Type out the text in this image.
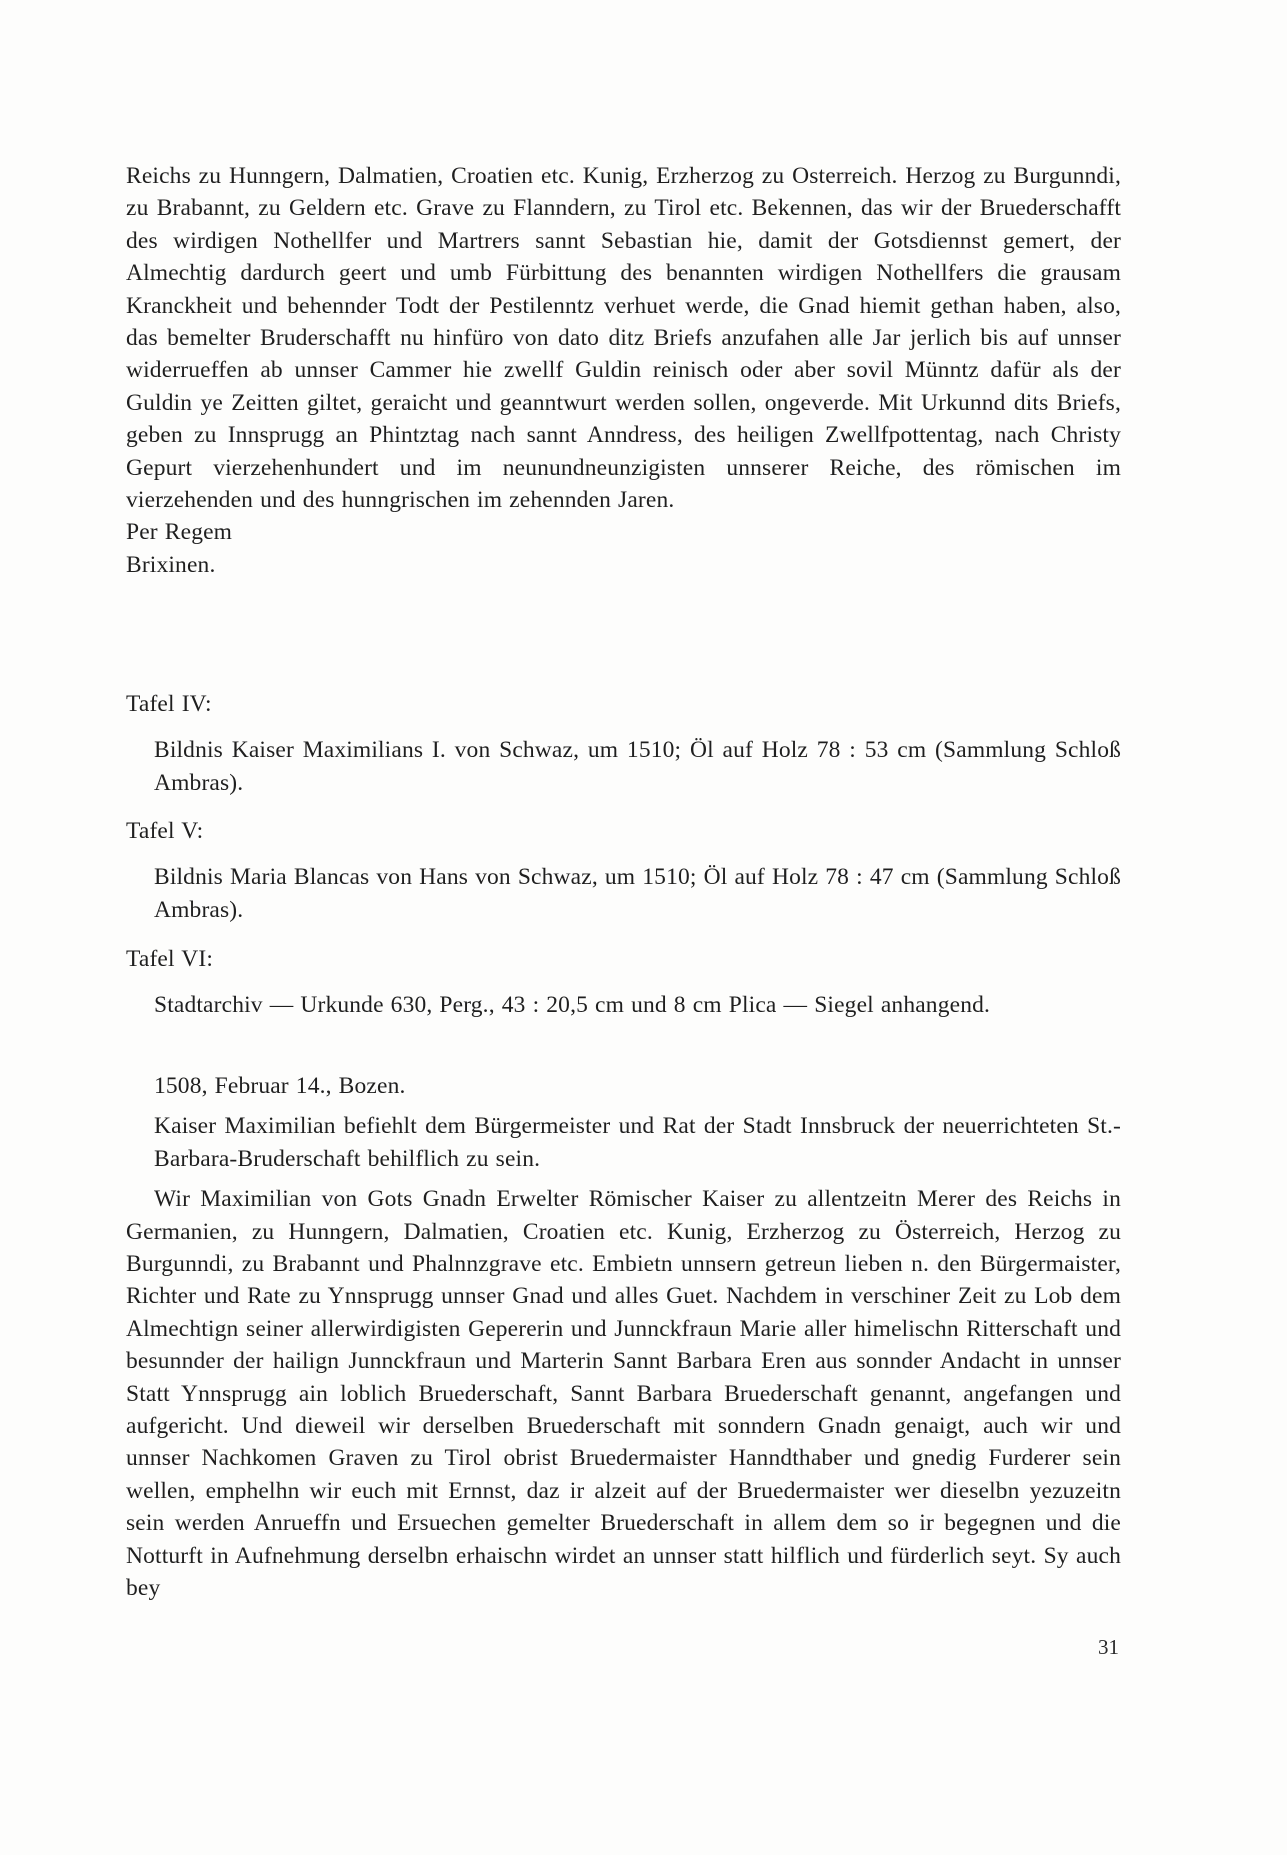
Reichs zu Hunngern, Dalmatien, Croatien etc. Kunig, Erzherzog zu Osterreich. Herzog zu Burgunndi, zu Brabannt, zu Geldern etc. Grave zu Flanndern, zu Tirol etc. Bekennen, das wir der Bruederschafft des wirdigen Nothellfer und Martrers sannt Sebastian hie, damit der Gotsdiennst gemert, der Almechtig dardurch geert und umb Fürbittung des benannten wirdigen Nothellfers die grausam Kranckheit und behennder Todt der Pestilenntz verhuet werde, die Gnad hiemit gethan haben, also, das bemelter Bruderschafft nu hinfüro von dato ditz Briefs anzufahen alle Jar jerlich bis auf unnser widerrueffen ab unnser Cammer hie zwellf Guldin reinisch oder aber sovil Münntz dafür als der Guldin ye Zeitten giltet, geraicht und geanntwurt werden sollen, ongeverde. Mit Urkunnd dits Briefs, geben zu Innsprugg an Phintztag nach sannt Anndress, des heiligen Zwellfpottentag, nach Christy Gepurt vierzehenhundert und im neunundneunzigisten unnserer Reiche, des römischen im vierzehenden und des hunngrischen im zehennden Jaren.

Per Regem

Brixinen.

Tafel IV:

Bildnis Kaiser Maximilians I. von Schwaz, um 1510; Öl auf Holz 78 : 53 cm (Sammlung Schloß Ambras).

Tafel V:

Bildnis Maria Blancas von Hans von Schwaz, um 1510; Öl auf Holz 78 : 47 cm (Sammlung Schloß Ambras).

Tafel VI:

Stadtarchiv — Urkunde 630, Perg., 43 : 20,5 cm und 8 cm Plica — Siegel anhangend.

1508, Februar 14., Bozen.

Kaiser Maximilian befiehlt dem Bürgermeister und Rat der Stadt Innsbruck der neuerrichteten St.-Barbara-Bruderschaft behilflich zu sein.

Wir Maximilian von Gots Gnadn Erwelter Römischer Kaiser zu allentzeitn Merer des Reichs in Germanien, zu Hunngern, Dalmatien, Croatien etc. Kunig, Erzherzog zu Österreich, Herzog zu Burgunndi, zu Brabannt und Phalnnzgrave etc. Embietn unnsern getreun lieben n. den Bürgermaister, Richter und Rate zu Ynnsprugg unnser Gnad und alles Guet. Nachdem in verschiner Zeit zu Lob dem Almechtign seiner allerwirdigisten Gepererin und Junnckfraun Marie aller himelischn Ritterschaft und besunnder der hailign Junnckfraun und Marterin Sannt Barbara Eren aus sonnder Andacht in unnser Statt Ynnsprugg ain loblich Bruederschaft, Sannt Barbara Bruederschaft genannt, angefangen und aufgericht. Und dieweil wir derselben Bruederschaft mit sonndern Gnadn genaigt, auch wir und unnser Nachkomen Graven zu Tirol obrist Bruedermaister Hanndthaber und gnedig Furderer sein wellen, emphelhn wir euch mit Ernnst, daz ir alzeit auf der Bruedermaister wer dieselbn yezuzeitn sein werden Anrueffn und Ersuechen gemelter Bruederschaft in allem dem so ir begegnen und die Notturft in Aufnehmung derselbn erhaischn wirdet an unnser statt hilflich und fürderlich seyt. Sy auch bey

31
